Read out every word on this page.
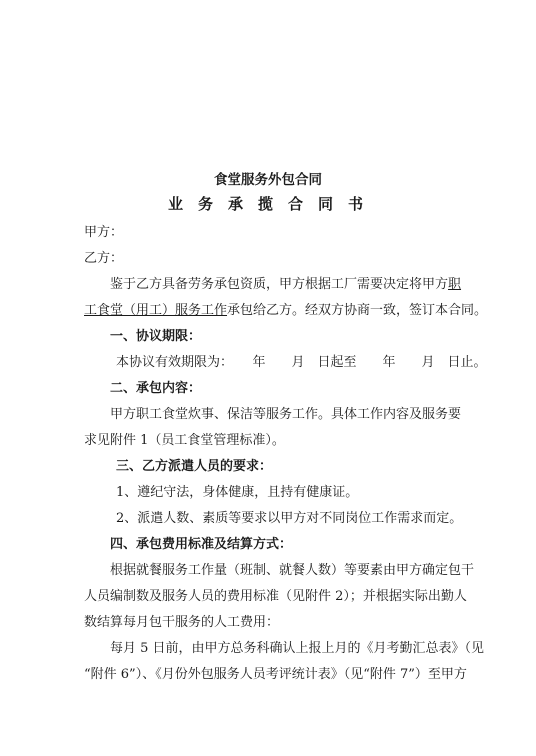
食堂服务外包合同
业务承揽合同书
甲方：
乙方：
鉴于乙方具备劳务承包资质，甲方根据工厂需要决定将甲方职
工食堂（用工）服务工作承包给乙方。经双方协商一致，签订本合同。
一、协议期限：
本协议有效期限为：　　年　　月　日起至　　年　　月　日止。
二、承包内容：
甲方职工食堂炊事、保洁等服务工作。具体工作内容及服务要
求见附件 1（员工食堂管理标准）。
三、乙方派遣人员的要求：
1、遵纪守法，身体健康，且持有健康证。
2、派遣人数、素质等要求以甲方对不同岗位工作需求而定。
四、承包费用标准及结算方式：
根据就餐服务工作量（班制、就餐人数）等要素由甲方确定包干
人员编制数及服务人员的费用标准（见附件 2）；并根据实际出勤人
数结算每月包干服务的人工费用：
每月 5 日前，由甲方总务科确认上报上月的《月考勤汇总表》（见
“附件 6”）、《月份外包服务人员考评统计表》（见“附件 7”）至甲方
